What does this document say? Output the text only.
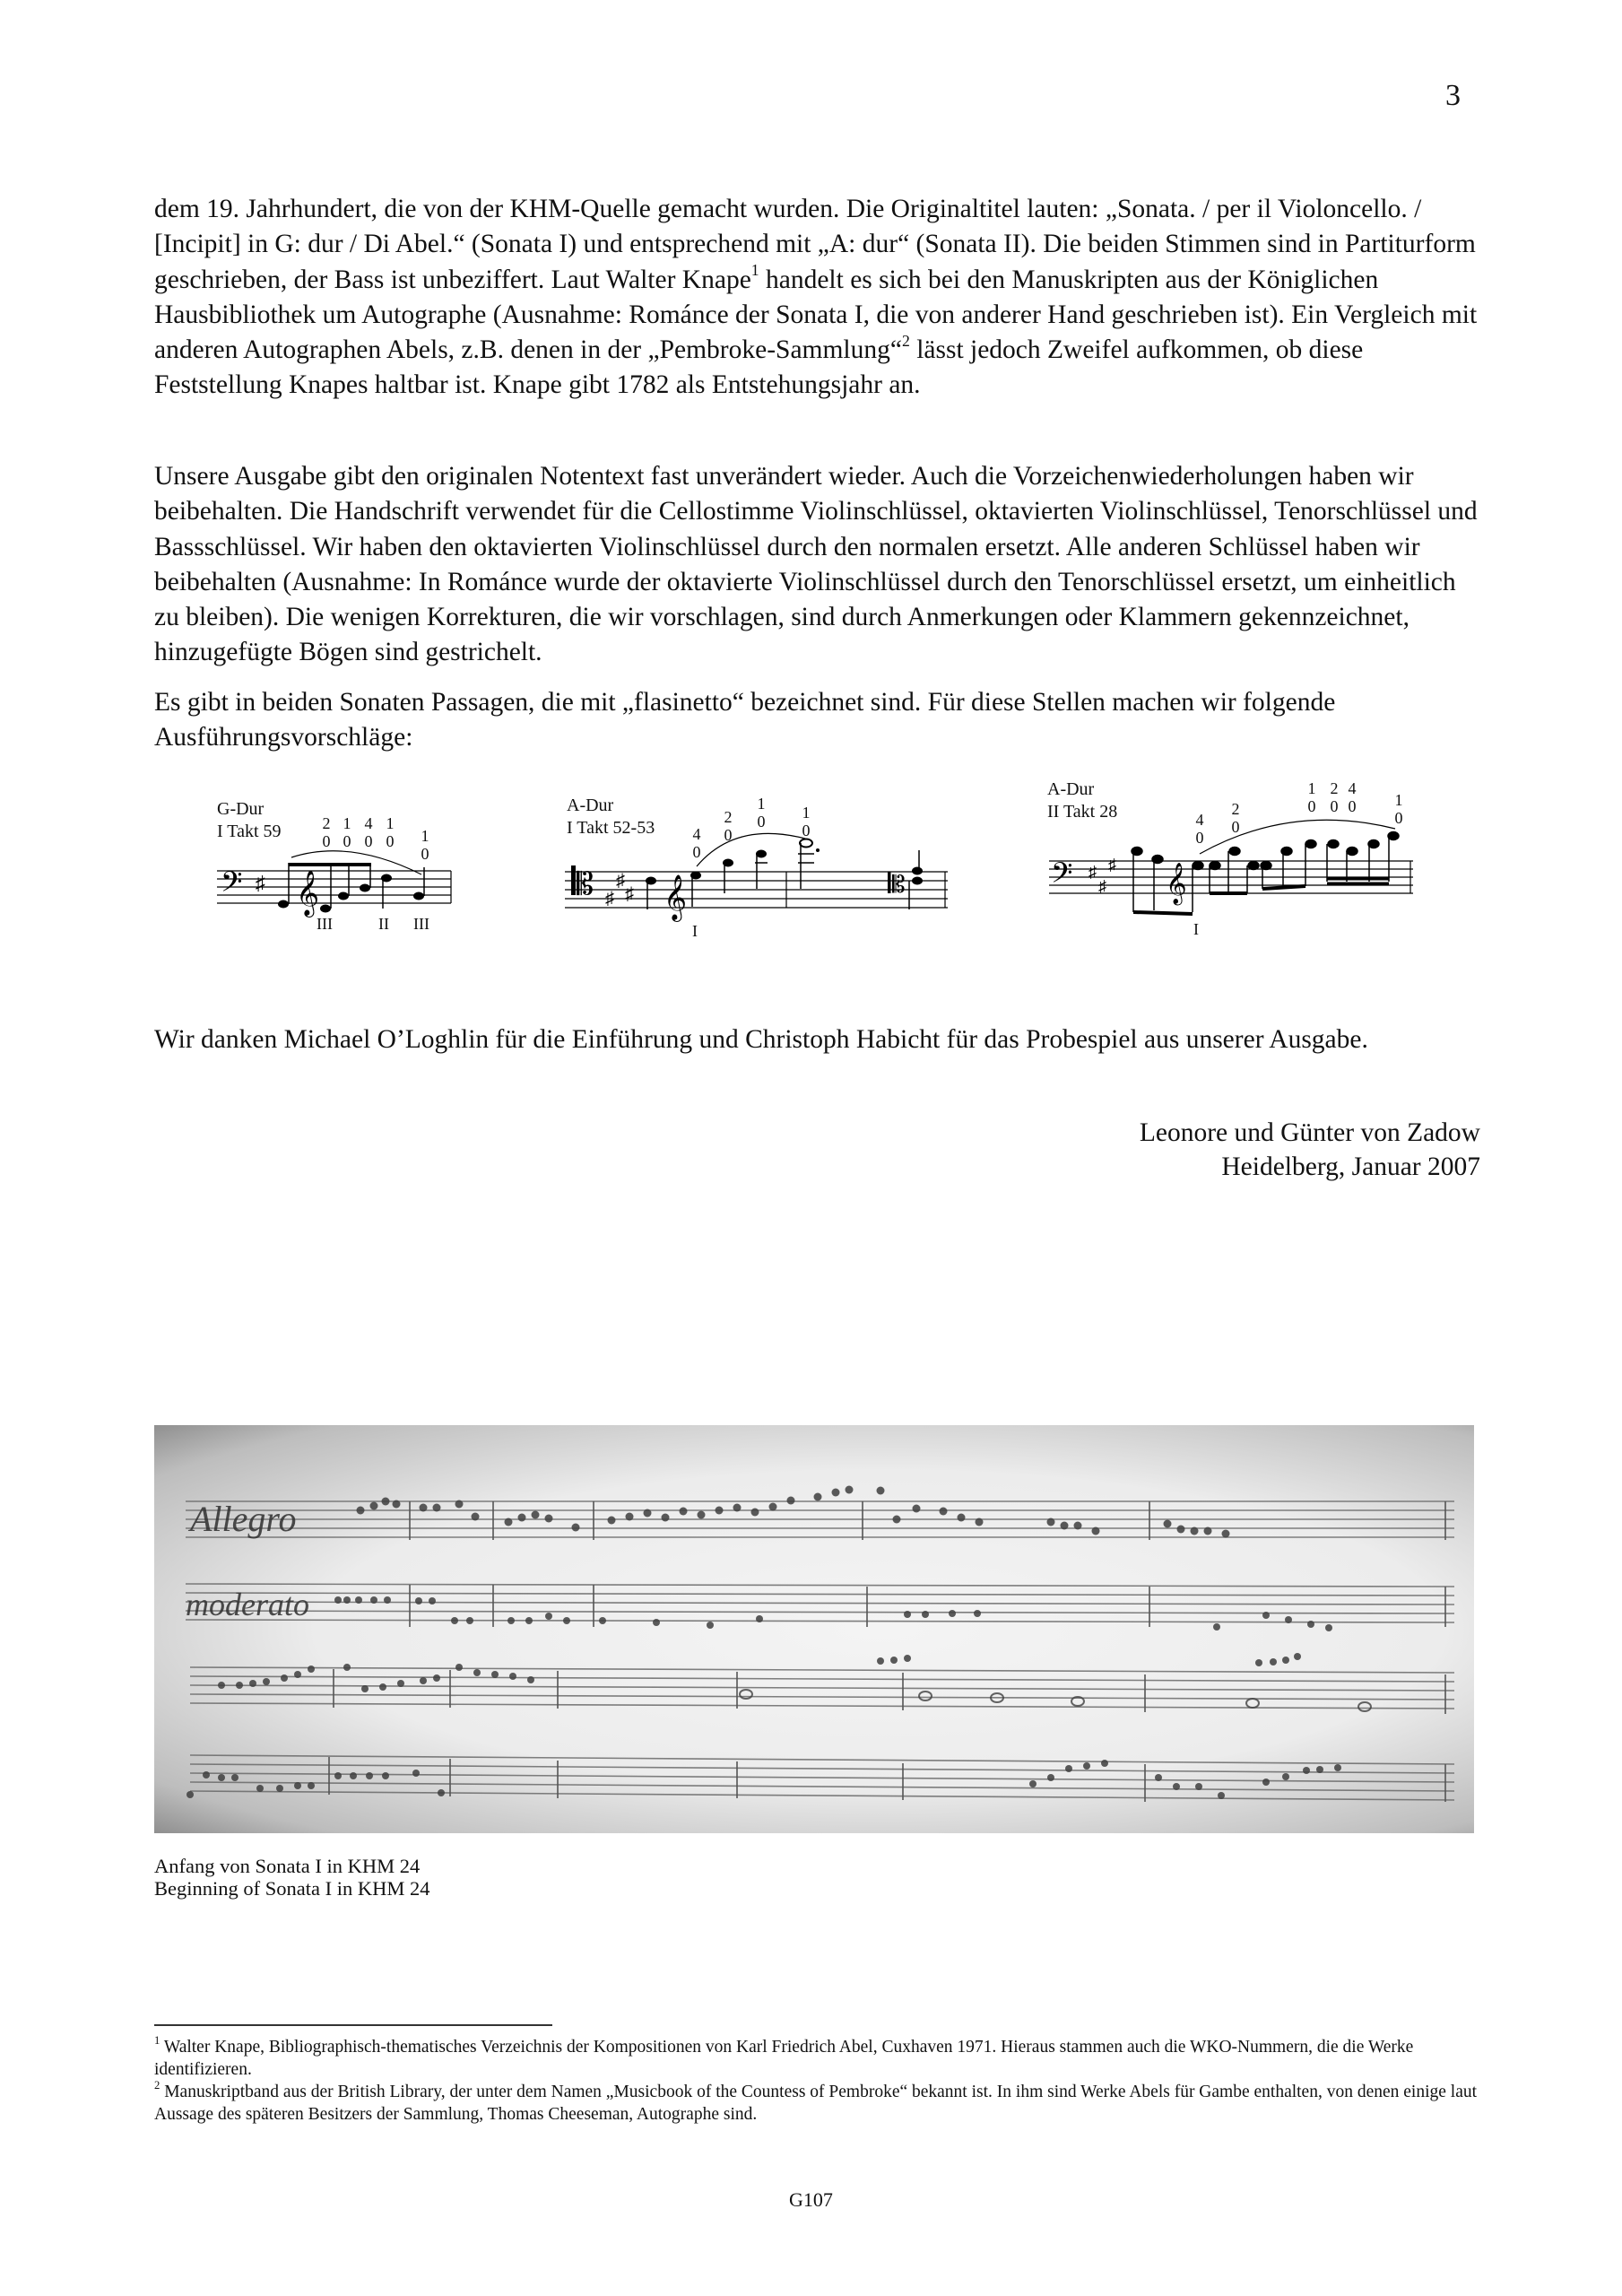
3

dem 19. Jahrhundert, die von der KHM-Quelle gemacht wurden. Die Originaltitel lauten: „Sonata. / per il Violoncello. / [Incipit] in G: dur / Di Abel.“ (Sonata I) und entsprechend mit „A: dur“ (Sonata II). Die beiden Stimmen sind in Partiturform geschrieben, der Bass ist unbeziffert. Laut Walter Knape$^1$ handelt es sich bei den Manuskripten aus der Königlichen Hausbibliothek um Autographe (Ausnahme: Románce der Sonata I, die von anderer Hand geschrieben ist). Ein Vergleich mit anderen Autographen Abels, z.B. denen in der „Pembroke-Sammlung“$^2$ lässt jedoch Zweifel aufkommen, ob diese Feststellung Knapes haltbar ist. Knape gibt 1782 als Entstehungsjahr an.

Unsere Ausgabe gibt den originalen Notentext fast unverändert wieder. Auch die Vorzeichenwiederholungen haben wir beibehalten. Die Handschrift verwendet für die Cellostimme Violinschlüssel, oktavierten Violinschlüssel, Tenorschlüssel und Bassschlüssel. Wir haben den oktavierten Violinschlüssel durch den normalen ersetzt. Alle anderen Schlüssel haben wir beibehalten (Ausnahme: In Románce wurde der oktavierte Violinschlüssel durch den Tenorschlüssel ersetzt, um einheitlich zu bleiben). Die wenigen Korrekturen, die wir vorschlagen, sind durch Anmerkungen oder Klammern gekennzeichnet, hinzugefügte Bögen sind gestrichelt.

Es gibt in beiden Sonaten Passagen, die mit „flasinetto“ bezeichnet sind. Für diese Stellen machen wir folgende Ausführungsvorschläge:

G-Dur
I Takt 59
𝄢 ♯ 𝄞
2
0
1
0
4
0
1
0 1
0
III	II III
A-Dur
I Takt 52-53
𝄡 ♯
♯
♯ 𝄞	𝄡
4
0
2
0
1
0 1
0
I
A-Dur
II Takt 28
𝄢 ♯
♯
♯ 𝄞
4
0
2
0
1
0
2
0
4
0 1
0
I
Wir danken Michael O’Loghlin für die Einführung und Christoph Habicht für das Probespiel aus unserer Ausgabe.
Leonore und Günter von Zadow
Heidelberg, Januar 2007
Allegro
moderato
Anfang von Sonata I in KHM 24
Beginning of Sonata I in KHM 24

$^1$ Walter Knape, Bibliographisch-thematisches Verzeichnis der Kompositionen von Karl Friedrich Abel, Cuxhaven 1971. Hieraus stammen auch die WKO-Nummern, die die Werke identifizieren.

$^2$ Manuskriptband aus der British Library, der unter dem Namen „Musicbook of the Countess of Pembroke“ bekannt ist. In ihm sind Werke Abels für Gambe enthalten, von denen einige laut Aussage des späteren Besitzers der Sammlung, Thomas Cheeseman, Autographe sind.

G107
